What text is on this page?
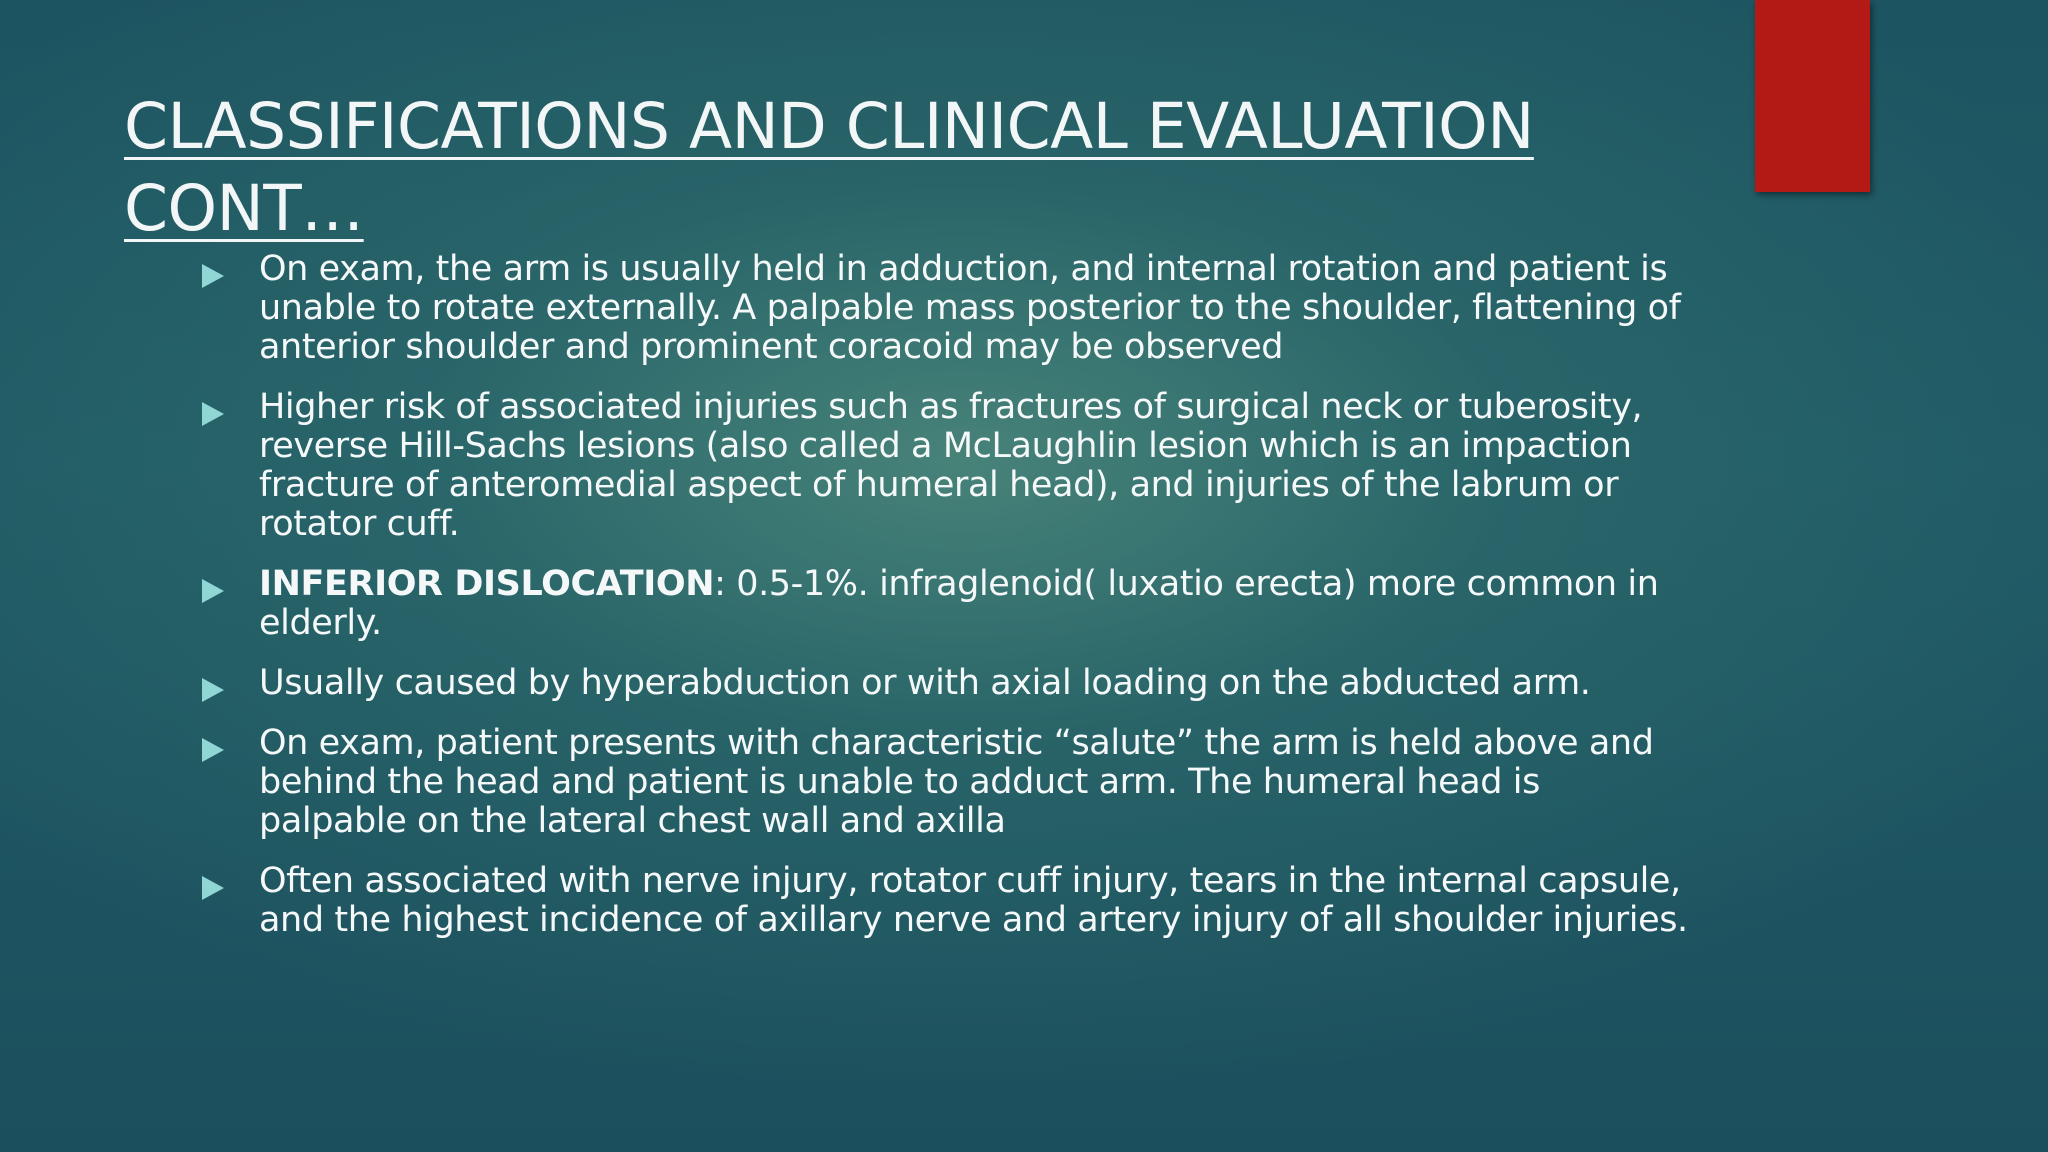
CLASSIFICATIONS AND CLINICAL EVALUATION CONT…
On exam, the arm is usually held in adduction, and internal rotation and patient is unable to rotate externally. A palpable mass posterior to the shoulder, flattening of anterior shoulder and prominent coracoid may be observed
Higher risk of associated injuries such as fractures of surgical neck or tuberosity, reverse Hill-Sachs lesions (also called a McLaughlin lesion which is an impaction fracture of anteromedial aspect of humeral head), and injuries of the labrum or rotator cuff.
INFERIOR DISLOCATION: 0.5-1%. infraglenoid( luxatio erecta) more common in elderly.
Usually caused by hyperabduction or with axial loading on the abducted arm.
On exam, patient presents with characteristic “salute” the arm is held above and behind the head and patient is unable to adduct arm. The humeral head is palpable on the lateral chest wall and axilla
Often associated with nerve injury, rotator cuff injury, tears in the internal capsule, and the highest incidence of axillary nerve and artery injury of all shoulder injuries.
